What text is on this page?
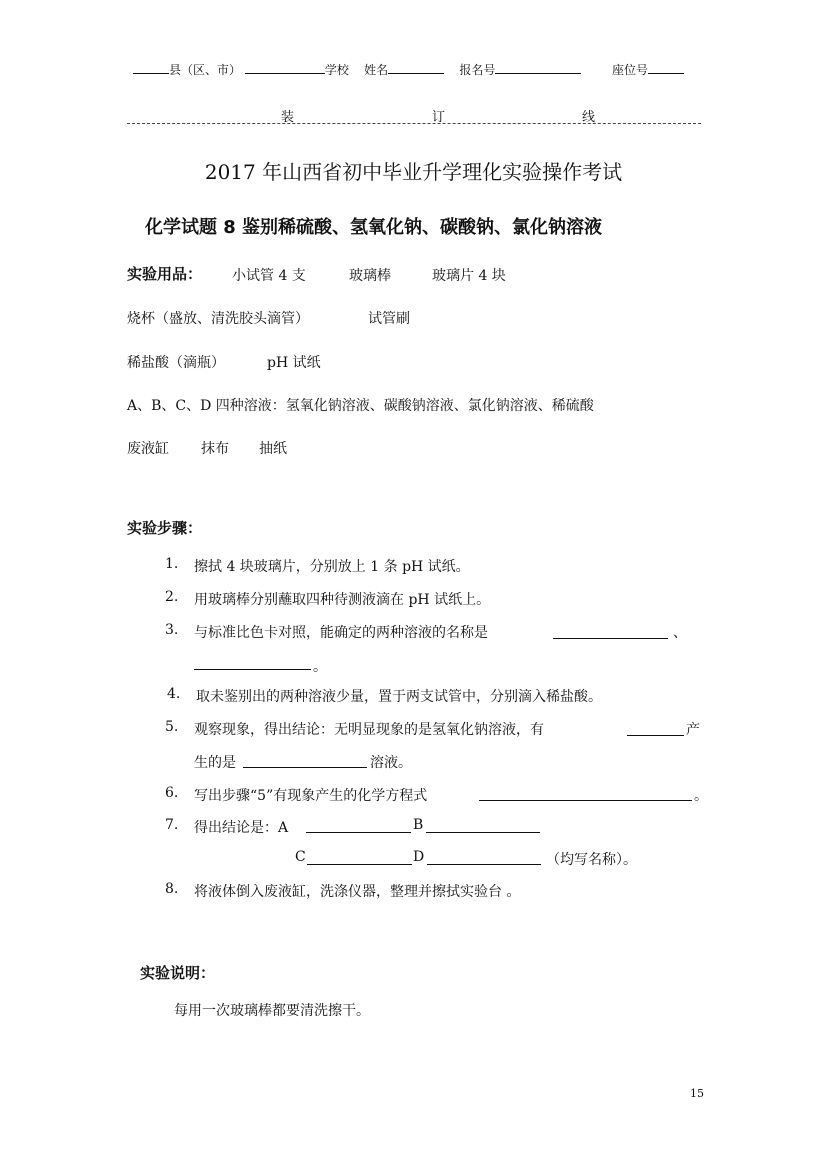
县（区、市）	学校 姓名	报名号	座位号
装	订	线
2017 年山西省初中毕业升学理化实验操作考试
化学试题 8 鉴别稀硫酸、氢氧化钠、碳酸钠、氯化钠溶液
实验用品： 小试管 4 支	玻璃棒	玻璃片 4 块
烧杯（盛放、清洗胶头滴管）	试管刷
稀盐酸（滴瓶）	pH 试纸
A、B、C、D 四种溶液：氢氧化钠溶液、碳酸钠溶液、氯化钠溶液、稀硫酸
废液缸 抹布 抽纸
实验步骤：
1. 擦拭 4 块玻璃片，分别放上 1 条 pH 试纸。
2. 用玻璃棒分别蘸取四种待测液滴在 pH 试纸上。
3. 与标准比色卡对照，能确定的两种溶液的名称是	、
。
4. 取未鉴别出的两种溶液少量，置于两支试管中，分别滴入稀盐酸。
5. 观察现象，得出结论：无明显现象的是氢氧化钠溶液，有	产
生的是	溶液。
6. 写出步骤“5”有现象产生的化学方程式	。
7. 得出结论是：A	B
C	D	（均写名称）。
8. 将液体倒入废液缸，洗涤仪器，整理并擦拭实验台 。
实验说明：
每用一次玻璃棒都要清洗擦干。
15
